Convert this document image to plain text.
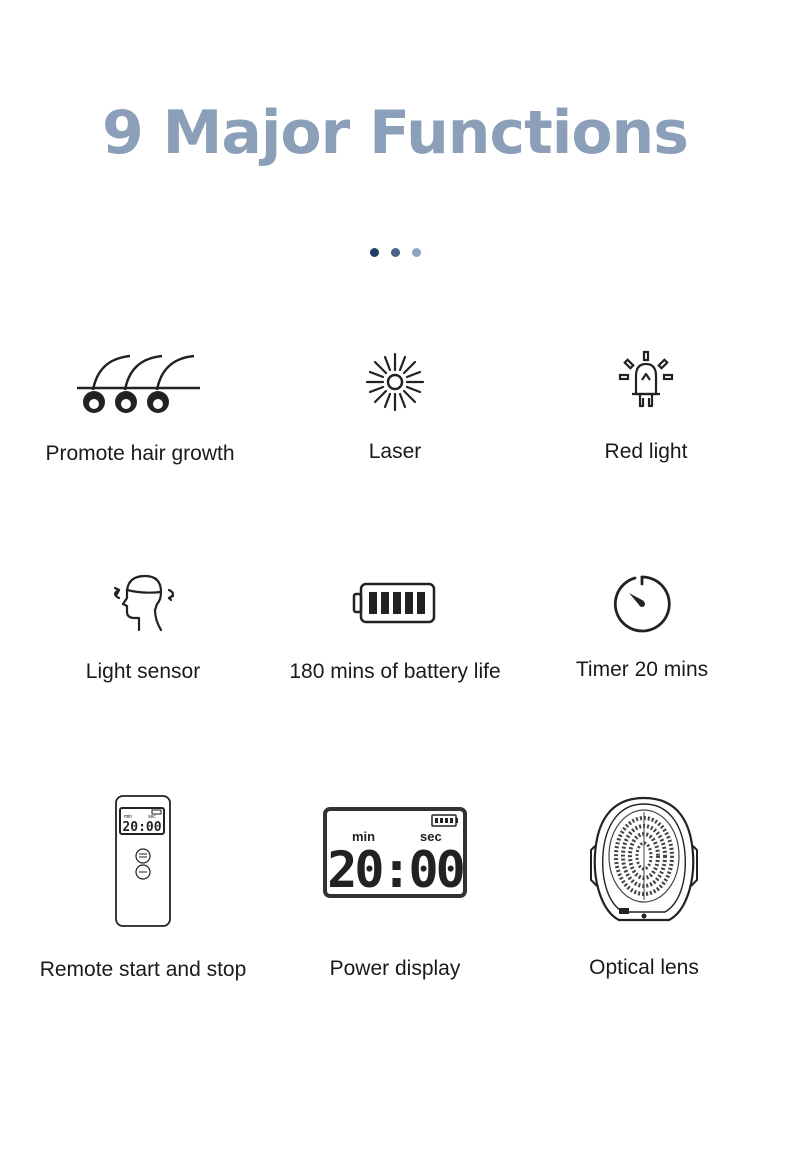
9 Major Functions
Promote hair growth	Laser	Red light
Light sensor	180 mins of battery life	Timer 20 mins
min	sec
20:00
Remote start and stop
min	sec
20:00
Power display	Optical lens
